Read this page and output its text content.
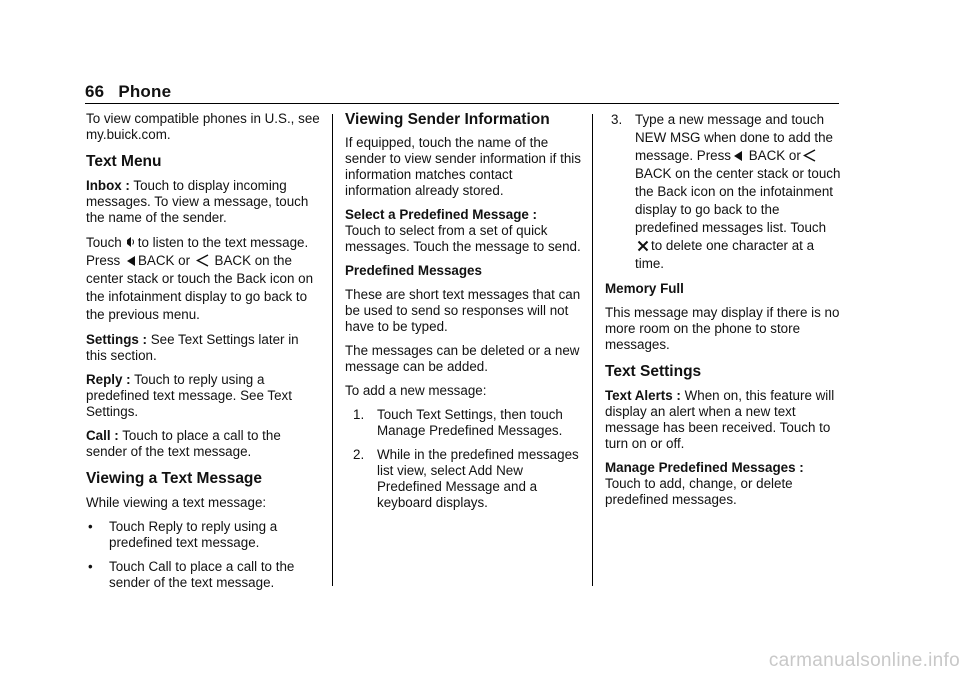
66 Phone

To view compatible phones in U.S., see my.buick.com.

Text Menu

Inbox : Touch to display incoming messages. To view a message, touch the name of the sender.

Touch to listen to the text message. Press BACK or BACK on the center stack or touch the Back icon on the infotainment display to go back to the previous menu.

Settings : See Text Settings later in this section.

Reply : Touch to reply using a predefined text message. See Text Settings.

Call : Touch to place a call to the sender of the text message.

Viewing a Text Message

While viewing a text message:

• Touch Reply to reply using a predefined text message.
• Touch Call to place a call to the sender of the text message.
Viewing Sender Information

If equipped, touch the name of the sender to view sender information if this information matches contact information already stored.

Select a Predefined Message :
Touch to select from a set of quick messages. Touch the message to send.

Predefined Messages

These are short text messages that can be used to send so responses will not have to be typed.

The messages can be deleted or a new message can be added.

To add a new message:

1. Touch Text Settings, then touch Manage Predefined Messages.
2. While in the predefined messages list view, select Add New Predefined Message and a keyboard displays.
3. Type a new message and touch NEW MSG when done to add the message. Press BACK or
BACK on the center stack or touch the Back icon on the infotainment display to go back to the predefined messages list. Touch
to delete one character at a time.

Memory Full

This message may display if there is no more room on the phone to store messages.

Text Settings

Text Alerts : When on, this feature will display an alert when a new text message has been received. Touch to turn on or off.

Manage Predefined Messages :
Touch to add, change, or delete predefined messages.

carmanualsonline.info
